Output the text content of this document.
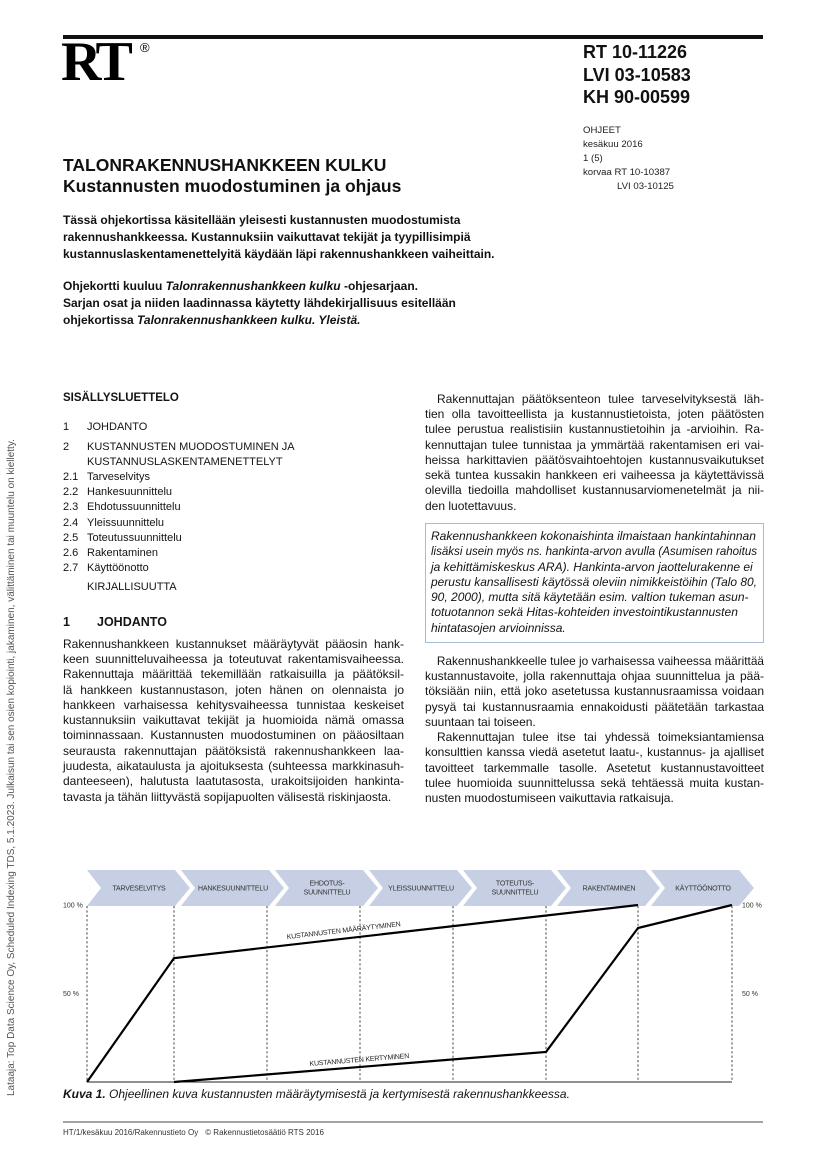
RT ®	RT 10-11226
LVI 03-10583
KH 90-00599
OHJEET
kesäkuu 2016
1 (5)
korvaa RT 10-10387
LVI 03-10125
TALONRAKENNUSHANKKEEN KULKU
Kustannusten muodostuminen ja ohjaus
Tässä ohjekortissa käsitellään yleisesti kustannusten muodostumista
rakennushankkeessa. Kustannuksiin vaikuttavat tekijät ja tyypillisimpiä
kustannuslaskentamenettelyitä käydään läpi rakennushankkeen vaiheittain.
Ohjekortti kuuluu Talonrakennushankkeen kulku -ohjesarjaan.
Sarjan osat ja niiden laadinnassa käytetty lähdekirjallisuus esitellään
ohjekortissa Talonrakennushankkeen kulku. Yleistä.
Lataaja: Top Data Science Oy, Scheduled Indexing TDS, 5.1.2023. Julkaisun tai sen osien kopiointi, jakaminen, välittäminen tai muuntelu on kielletty.
SISÄLLYSLUETTELO
1	JOHDANTO
2	KUSTANNUSTEN MUODOSTUMINEN JA
KUSTANNUSLASKENTAMENETTELYT
2.1 Tarveselvitys
2.2 Hankesuunnittelu
2.3 Ehdotussuunnittelu
2.4 Yleissuunnittelu
2.5 Toteutussuunnittelu
2.6 Rakentaminen
2.7 Käyttöönotto
KIRJALLISUUTTA
1	JOHDANTO
Rakennushankkeen kustannukset määräytyvät pääosin hank-
keen suunnitteluvaiheessa ja toteutuvat rakentamisvaiheessa.
Rakennuttaja määrittää tekemillään ratkaisuilla ja päätöksil-
lä hankkeen kustannustason, joten hänen on olennaista jo
hankkeen varhaisessa kehitysvaiheessa tunnistaa keskeiset
kustannuksiin vaikuttavat tekijät ja huomioida nämä omassa
toiminnassaan. Kustannusten muodostuminen on pääosiltaan
seurausta rakennuttajan päätöksistä rakennushankkeen laa-
juudesta, aikataulusta ja ajoituksesta (suhteessa markkinasuh-
danteeseen), halutusta laatutasosta, urakoitsijoiden hankinta-
tavasta ja tähän liittyvästä sopijapuolten välisestä riskinjaosta.
Rakennuttajan päätöksenteon tulee tarveselvityksestä läh-
tien olla tavoitteellista ja kustannustietoista, joten päätösten
tulee perustua realistisiin kustannustietoihin ja -arvioihin. Ra-
kennuttajan tulee tunnistaa ja ymmärtää rakentamisen eri vai-
heissa harkittavien päätösvaihtoehtojen kustannusvaikutukset
sekä tuntea kussakin hankkeen eri vaiheessa ja käytettävissä
olevilla tiedoilla mahdolliset kustannusarviomenetelmät ja nii-
den luotettavuus.
Rakennushankkeen kokonaishinta ilmaistaan hankintahinnan
lisäksi usein myös ns. hankinta-arvon avulla (Asumisen rahoitus
ja kehittämiskeskus ARA). Hankinta-arvon jaottelurakenne ei
perustu kansallisesti käytössä oleviin nimikkeistöihin (Talo 80,
90, 2000), mutta sitä käytetään esim. valtion tukeman asun-
totuotannon sekä Hitas-kohteiden investointikustannusten
hintatasojen arvioinnissa.
Rakennushankkeelle tulee jo varhaisessa vaiheessa määrittää
kustannustavoite, jolla rakennuttaja ohjaa suunnittelua ja pää-
töksiään niin, että joko asetetussa kustannusraamissa voidaan
pysyä tai kustannusraamia ennakoidusti päätetään tarkastaa
suuntaan tai toiseen.
Rakennuttajan tulee itse tai yhdessä toimeksiantamiensa
konsulttien kanssa viedä asetetut laatu-, kustannus- ja ajalliset
tavoitteet tarkemmalle tasolle. Asetetut kustannustavoitteet
tulee huomioida suunnittelussa sekä tehtäessä muita kustan-
nusten muodostumiseen vaikuttavia ratkaisuja.
TARVESELVITYS	HANKESUUNNITTELU
EHDOTUS-SUUNNITTELU
YLEISSUUNNITTELU
TOTEUTUS-SUUNNITTELU
RAKENTAMINEN	KÄYTTÖÖNOTTO
100 %	100 %
50 %	50 %
KUSTANNUSTEN MÄÄRÄYTYMINEN
KUSTANNUSTEN KERTYMINEN
Kuva 1. Ohjeellinen kuva kustannusten määräytymisestä ja kertymisestä rakennushankkeessa.
HT/1/kesäkuu 2016/Rakennustieto Oy © Rakennustietosäätiö RTS 2016
